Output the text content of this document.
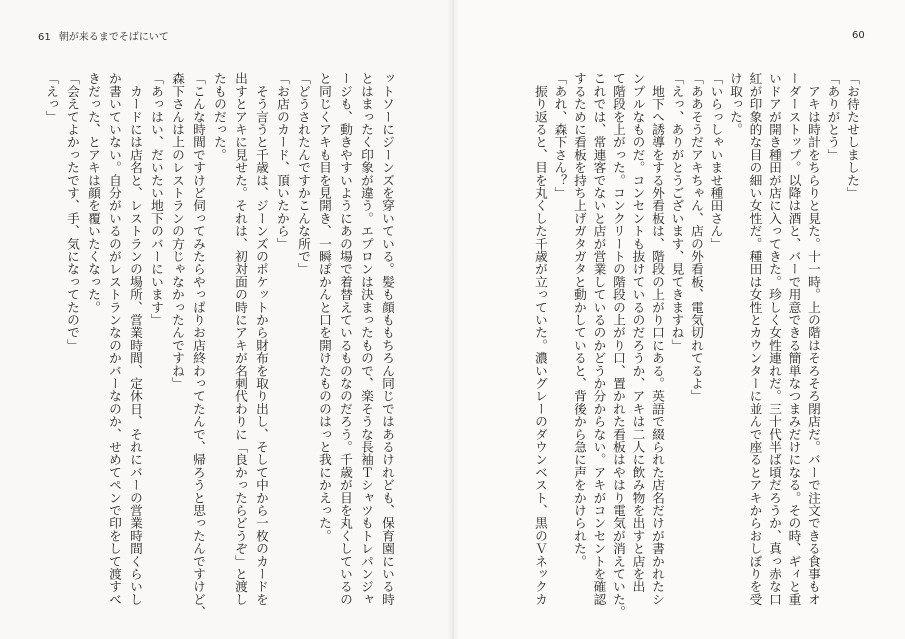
61 朝が来るまでそばにいて
ットソーにジーンズを穿いている。髪も顔ももちろん同じではあるけれども、保育園にいる時
とはまったく印象が違う。エプロンは決まったもので、楽そうな長袖Ｔシャツもトレパンジャ
ージも、動きやすいようにあの場で着替えているものなのだろう。千歳が目を丸くしているの
と同じくアキも目を見開き、一瞬ぽかんと口を開けたもののはっと我にかえった。
「どうされたんですかこんな所で」
「お店のカード、頂いたから」
　そう言うと千歳は、ジーンズのポケットから財布を取り出し、そして中から一枚のカードを
出すとアキに見せた。それは、初対面の時にアキが名刺代わりに「良かったらどうぞ」と渡し
たものだった。
「こんな時間ですけど伺ってみたらやっぱりお店終わってたんで、帰ろうと思ったんですけど、
森下さんは上のレストランの方じゃなかったんですね」
「あっはい、だいたい地下のバーにいます」
　カードには店名と、レストランの場所、営業時間、定休日、それにバーの営業時間くらいし
か書いていない。自分がいるのがレストランなのかバーなのか、せめてペンで印をして渡すべ
きだった、とアキは顔を覆いたくなった。
「会えてよかったです、手、気になってたので」
「えっ」
60
「お待たせしました」
「ありがとう」
　アキは時計をちらりと見た。十一時。上の階はそろそろ閉店だ。バーで注文できる食事もオ
ーダーストップ。以降は酒と、バーで用意できる簡単なつまみだけになる。その時、ギィと重
いドアが開き種田が店に入ってきた。珍しく女性連れだ。三十代半ば頃だろうか、真っ赤な口
紅が印象的な目の細い女性だ。種田は女性とカウンターに並んで座るとアキからおしぼりを受
け取った。
「いらっしゃいませ種田さん」
「ああそうだアキちゃん、店の外看板、電気切れてるよ」
「えっ、ありがとうございます、見てきますね」
　地下へ誘導をする外看板は、階段の上がり口にある。英語で綴られた店名だけが書かれたシ
ンプルなものだ。コンセントも抜けているのだろうか、アキは二人に飲み物を出すと店を出
て階段を上がった。コンクリートの階段の上がり口、置かれた看板はやはり電気が消えていた。
これでは、常連客でないと店が営業しているのかどうか分からない。アキがコンセントを確認
するために看板を持ち上げガタガタと動かしていると、背後から急に声をかけられた。
「あれ、森下さん？」
　振り返ると、目を丸くした千歳が立っていた。濃いグレーのダウンベスト、黒のＶネックカ
